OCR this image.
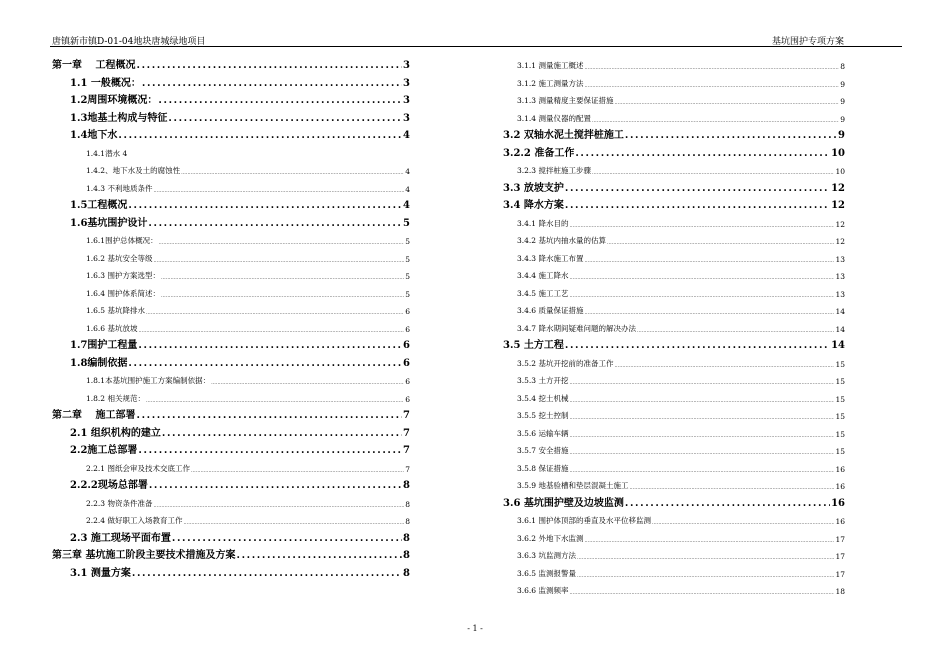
唐镇新市镇D-01-04地块唐城绿地项目	基坑围护专项方案
第一章　 工程概况 .....	3
1.1 一般概况： .....	3
1.2周围环境概况： .....	3
1.3地基土构成与特征 .....	3
1.4地下水 .....	4
1.4.1潜水 4
1.4.2、地下水及土的腐蚀性 .....	4
1.4.3 不利地质条件 .....	4
1.5工程概况 .....	4
1.6基坑围护设计 .....	5
1.6.1围护总体概况： .....	5
1.6.2 基坑安全等级 .....	5
1.6.3 围护方案选型： .....	5
1.6.4 围护体系简述： .....	5
1.6.5 基坑降排水 .....	6
1.6.6 基坑放坡 .....	6
1.7围护工程量 .....	6
1.8编制依据 .....	6
1.8.1本基坑围护施工方案编制依据： .....	6
1.8.2 相关规范： .....	6
第二章　 施工部署 .....	7
2.1 组织机构的建立 .....	7
2.2施工总部署 .....	7
2.2.1 图纸会审及技术交底工作 .....	7
2.2.2现场总部署 .....	8
2.2.3 物资条件准备 .....	8
2.2.4 做好职工入场教育工作 .....	8
2.3 施工现场平面布置 .....	8
第三章 基坑施工阶段主要技术措施及方案 .....	8
3.1 测量方案 .....	8
3.1.1 测量施工概述 .....	8
3.1.2 施工测量方法 .....	9
3.1.3 测量精度主要保证措施 .....	9
3.1.4 测量仪器的配置 .....	9
3.2 双轴水泥土搅拌桩施工 .....	9
3.2.2 准备工作 .....	10
3.2.3 搅拌桩施工步骤 .....	10
3.3 放坡支护 .....	12
3.4 降水方案 .....	12
3.4.1 降水目的 .....	12
3.4.2 基坑内抽水量的估算 .....	12
3.4.3 降水施工布置 .....	13
3.4.4 施工降水 .....	13
3.4.5 施工工艺 .....	13
3.4.6 质量保证措施 .....	14
3.4.7 降水期间疑难问题的解决办法 .....	14
3.5 土方工程 .....	14
3.5.2 基坑开挖前的准备工作 .....	15
3.5.3 土方开挖 .....	15
3.5.4 挖土机械 .....	15
3.5.5 挖土控制 .....	15
3.5.6 运输车辆 .....	15
3.5.7 安全措施 .....	15
3.5.8 保证措施 .....	16
3.5.9 地基验槽和垫层混凝土施工 .....	16
3.6 基坑围护壁及边坡监测 .....	16
3.6.1 围护体顶部的垂直及水平位移监测 .....	16
3.6.2 外地下水监测 .....	17
3.6.3 坑监测方法 .....	17
3.6.5 监测报警量 .....	17
3.6.6 监测频率 .....	18
- 1 -
